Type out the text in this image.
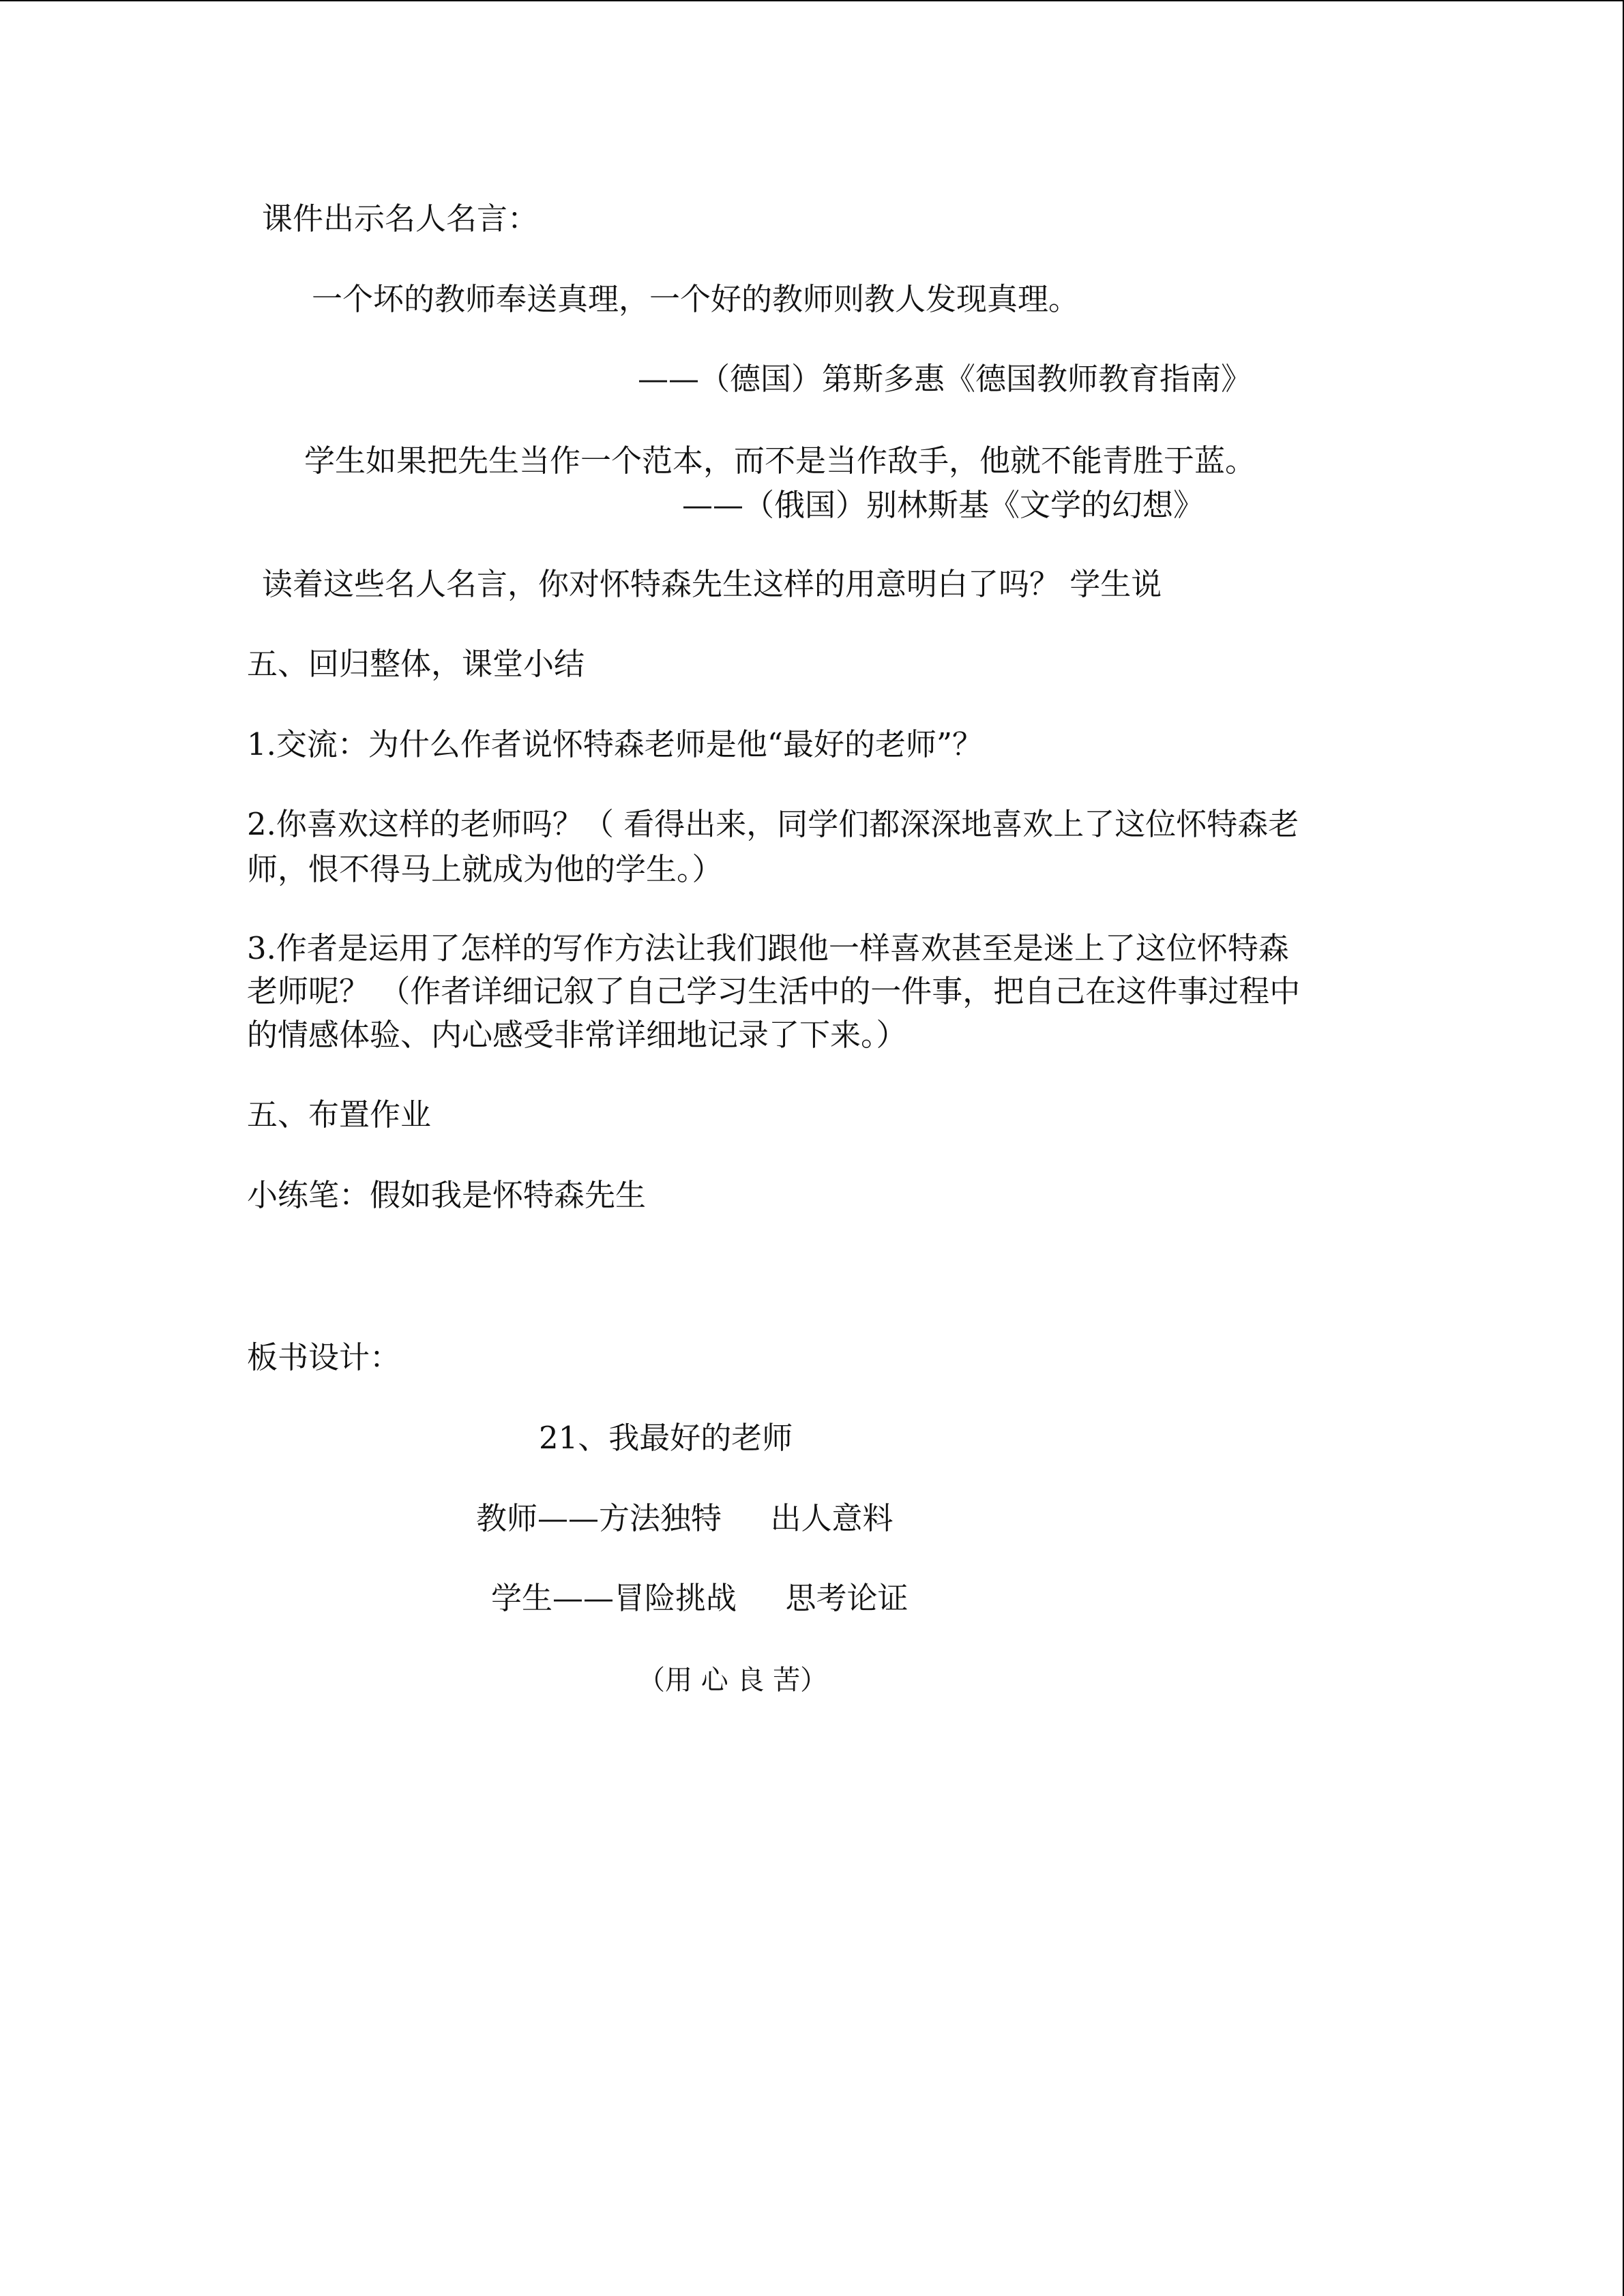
课件出示名人名言：
一个坏的教师奉送真理，一个好的教师则教人发现真理。
——（德国）第斯多惠《德国教师教育指南》
学生如果把先生当作一个范本，而不是当作敌手，他就不能青胜于蓝。
——（俄国）别林斯基《文学的幻想》
读着这些名人名言，你对怀特森先生这样的用意明白了吗？ 学生说
五、回归整体，课堂小结
1.交流：为什么作者说怀特森老师是他“最好的老师”？
2.你喜欢这样的老师吗？（ 看得出来，同学们都深深地喜欢上了这位怀特森老
师，恨不得马上就成为他的学生。）
3.作者是运用了怎样的写作方法让我们跟他一样喜欢甚至是迷上了这位怀特森
老师呢？ （作者详细记叙了自己学习生活中的一件事，把自己在这件事过程中
的情感体验、内心感受非常详细地记录了下来。）
五、布置作业
小练笔：假如我是怀特森先生
板书设计：
21、我最好的老师
教师——方法独特     出人意料
学生——冒险挑战     思考论证
（用 心 良 苦）
